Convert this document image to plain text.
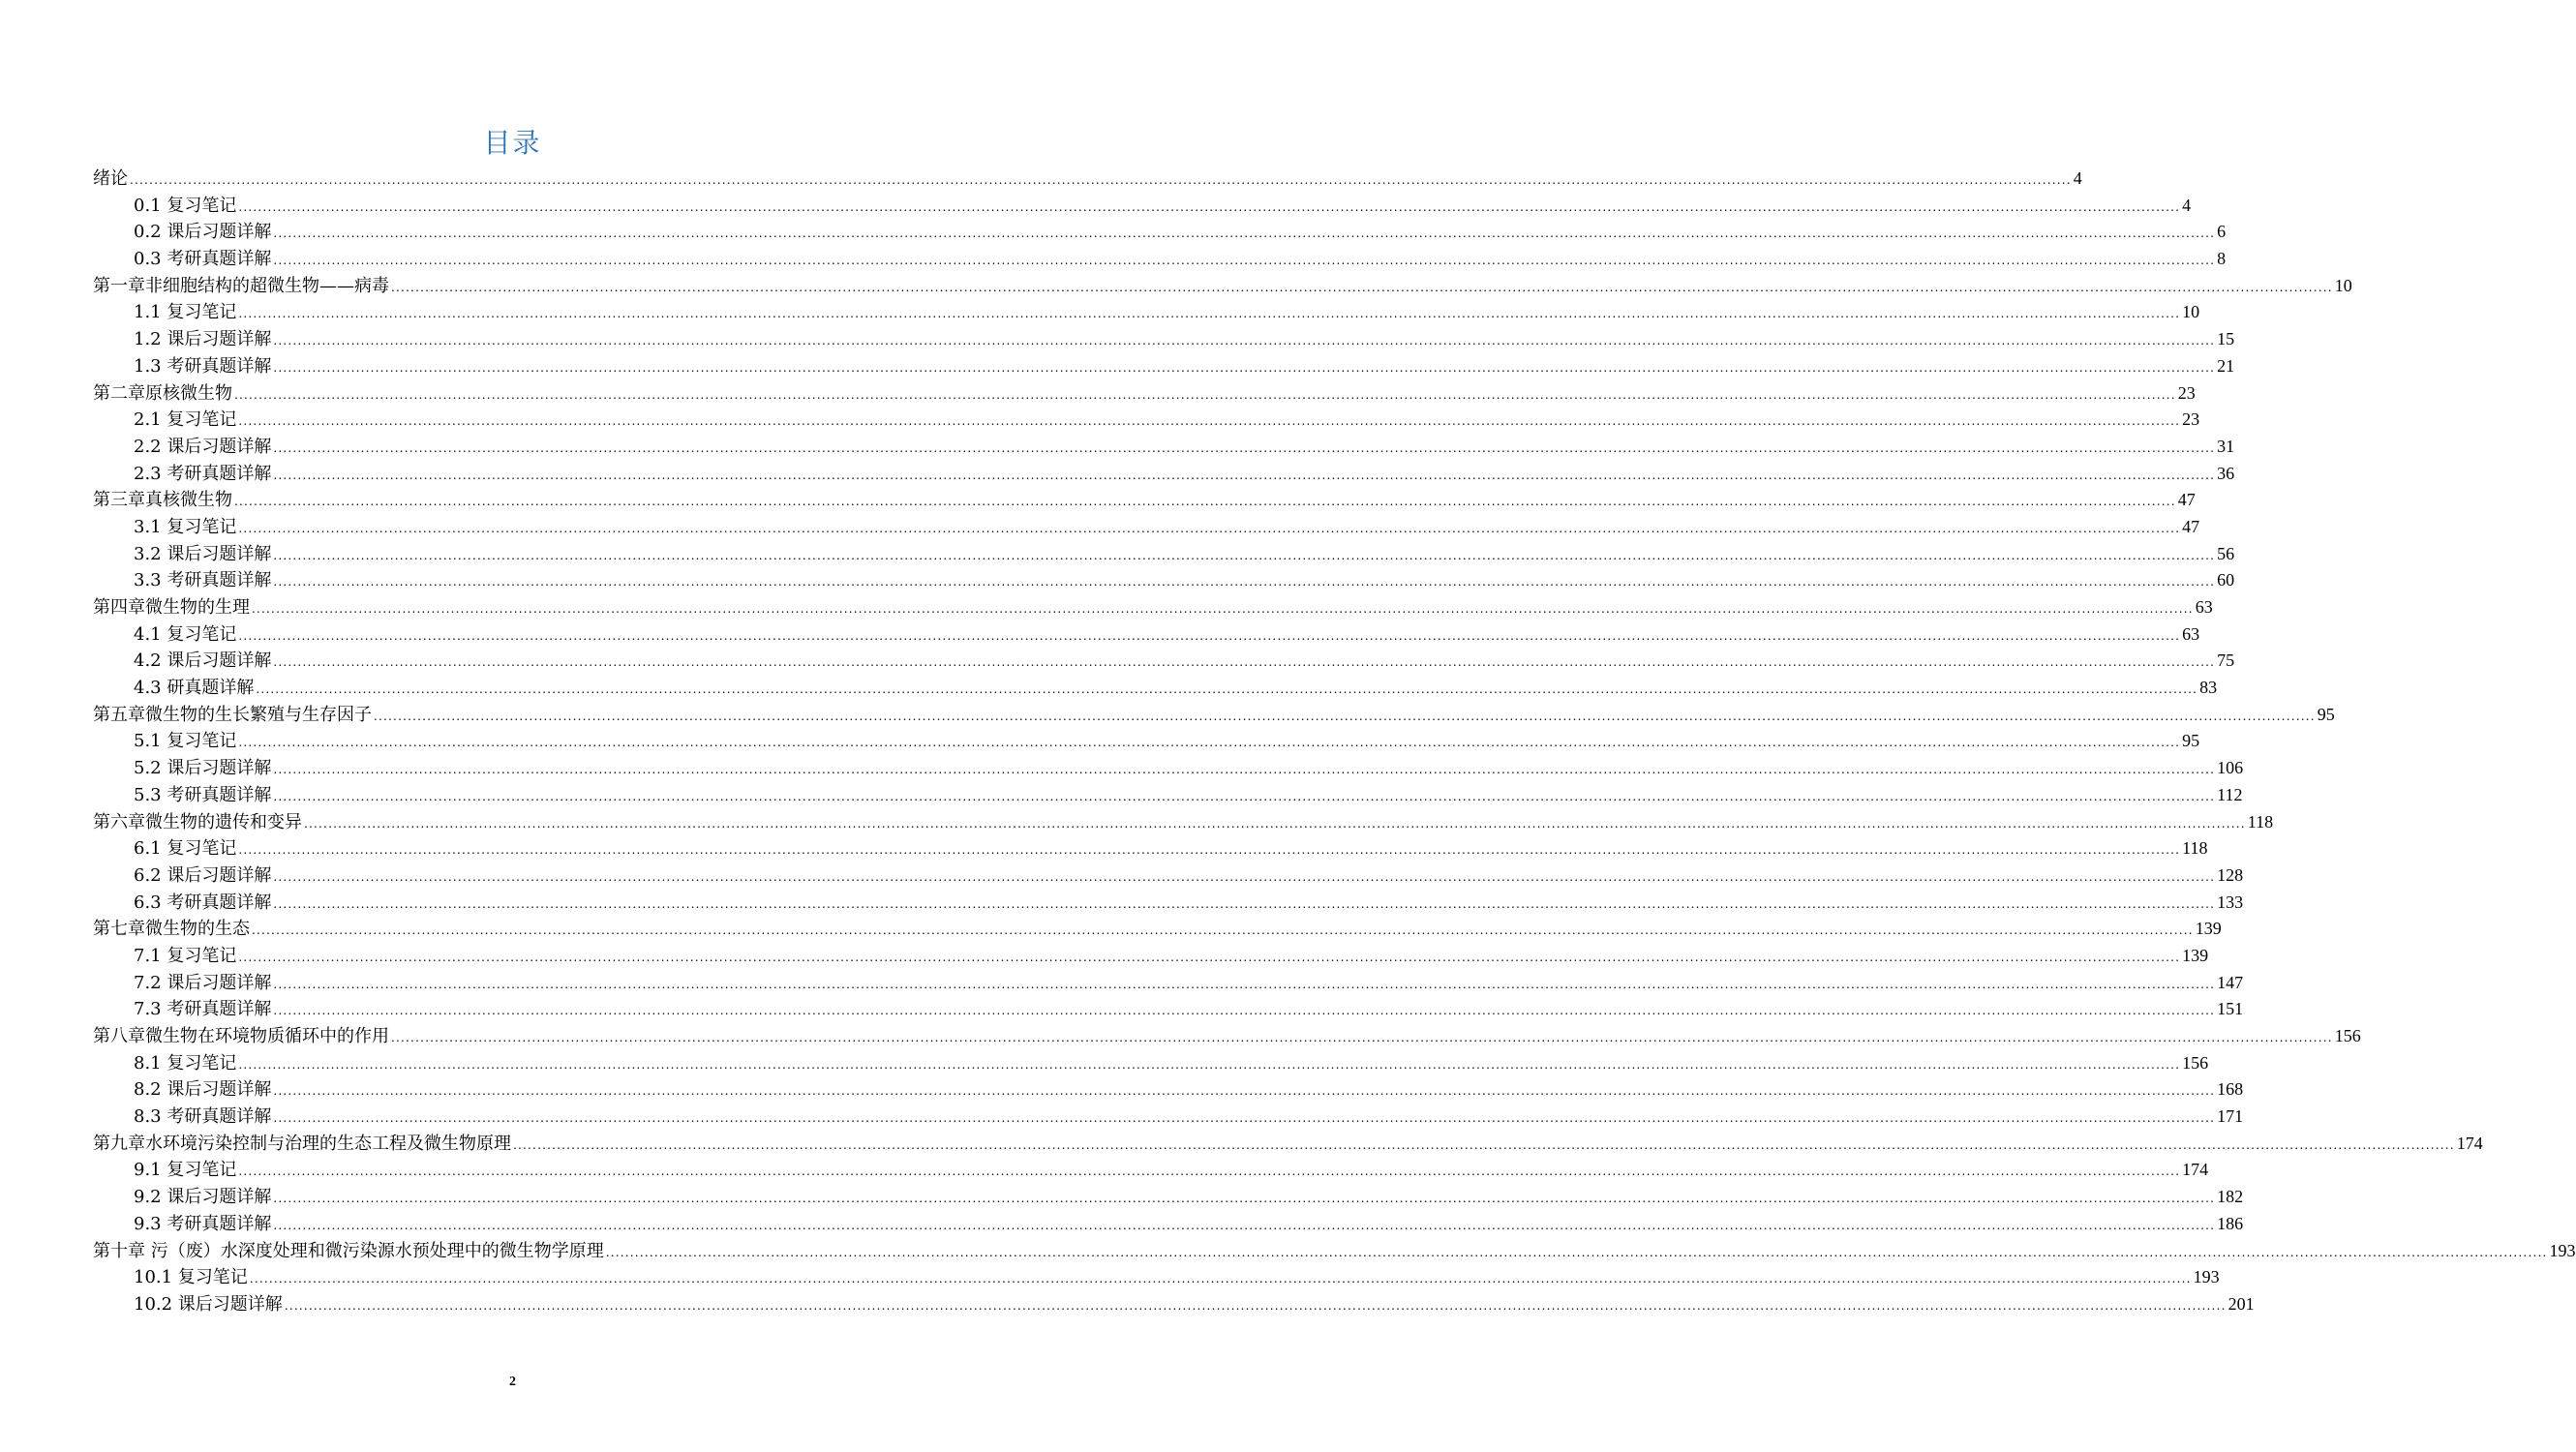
目录
绪论 ................................................................................................................................................................................................................................................................................................................................................................................................................ 4
0.1 复习笔记 ................................................................................................................................................................................................................................................................................................................................................................................................................ 4
0.2 课后习题详解 ................................................................................................................................................................................................................................................................................................................................................................................................................ 6
0.3 考研真题详解 ................................................................................................................................................................................................................................................................................................................................................................................................................ 8
第一章非细胞结构的超微生物——病毒 ................................................................................................................................................................................................................................................................................................................................................................................................................ 10
1.1 复习笔记 ................................................................................................................................................................................................................................................................................................................................................................................................................ 10
1.2 课后习题详解 ................................................................................................................................................................................................................................................................................................................................................................................................................ 15
1.3 考研真题详解 ................................................................................................................................................................................................................................................................................................................................................................................................................ 21
第二章原核微生物 ................................................................................................................................................................................................................................................................................................................................................................................................................ 23
2.1 复习笔记 ................................................................................................................................................................................................................................................................................................................................................................................................................ 23
2.2 课后习题详解 ................................................................................................................................................................................................................................................................................................................................................................................................................ 31
2.3 考研真题详解 ................................................................................................................................................................................................................................................................................................................................................................................................................ 36
第三章真核微生物 ................................................................................................................................................................................................................................................................................................................................................................................................................ 47
3.1 复习笔记 ................................................................................................................................................................................................................................................................................................................................................................................................................ 47
3.2 课后习题详解 ................................................................................................................................................................................................................................................................................................................................................................................................................ 56
3.3 考研真题详解 ................................................................................................................................................................................................................................................................................................................................................................................................................ 60
第四章微生物的生理 ................................................................................................................................................................................................................................................................................................................................................................................................................ 63
4.1 复习笔记 ................................................................................................................................................................................................................................................................................................................................................................................................................ 63
4.2 课后习题详解 ................................................................................................................................................................................................................................................................................................................................................................................................................ 75
4.3 研真题详解 ................................................................................................................................................................................................................................................................................................................................................................................................................ 83
第五章微生物的生长繁殖与生存因子 ................................................................................................................................................................................................................................................................................................................................................................................................................ 95
5.1 复习笔记 ................................................................................................................................................................................................................................................................................................................................................................................................................ 95
5.2 课后习题详解 ................................................................................................................................................................................................................................................................................................................................................................................................................ 106
5.3 考研真题详解 ................................................................................................................................................................................................................................................................................................................................................................................................................ 112
第六章微生物的遗传和变异 ................................................................................................................................................................................................................................................................................................................................................................................................................ 118
6.1 复习笔记 ................................................................................................................................................................................................................................................................................................................................................................................................................ 118
6.2 课后习题详解 ................................................................................................................................................................................................................................................................................................................................................................................................................ 128
6.3 考研真题详解 ................................................................................................................................................................................................................................................................................................................................................................................................................ 133
第七章微生物的生态 ................................................................................................................................................................................................................................................................................................................................................................................................................ 139
7.1 复习笔记 ................................................................................................................................................................................................................................................................................................................................................................................................................ 139
7.2 课后习题详解 ................................................................................................................................................................................................................................................................................................................................................................................................................ 147
7.3 考研真题详解 ................................................................................................................................................................................................................................................................................................................................................................................................................ 151
第八章微生物在环境物质循环中的作用 ................................................................................................................................................................................................................................................................................................................................................................................................................ 156
8.1 复习笔记 ................................................................................................................................................................................................................................................................................................................................................................................................................ 156
8.2 课后习题详解 ................................................................................................................................................................................................................................................................................................................................................................................................................ 168
8.3 考研真题详解 ................................................................................................................................................................................................................................................................................................................................................................................................................ 171
第九章水环境污染控制与治理的生态工程及微生物原理 ................................................................................................................................................................................................................................................................................................................................................................................................................ 174
9.1 复习笔记 ................................................................................................................................................................................................................................................................................................................................................................................................................ 174
9.2 课后习题详解 ................................................................................................................................................................................................................................................................................................................................................................................................................ 182
9.3 考研真题详解 ................................................................................................................................................................................................................................................................................................................................................................................................................ 186
第十章 污（废）水深度处理和微污染源水预处理中的微生物学原理 ................................................................................................................................................................................................................................................................................................................................................................................................................ 193
10.1 复习笔记 ................................................................................................................................................................................................................................................................................................................................................................................................................ 193
10.2 课后习题详解 ................................................................................................................................................................................................................................................................................................................................................................................................................ 201
2
